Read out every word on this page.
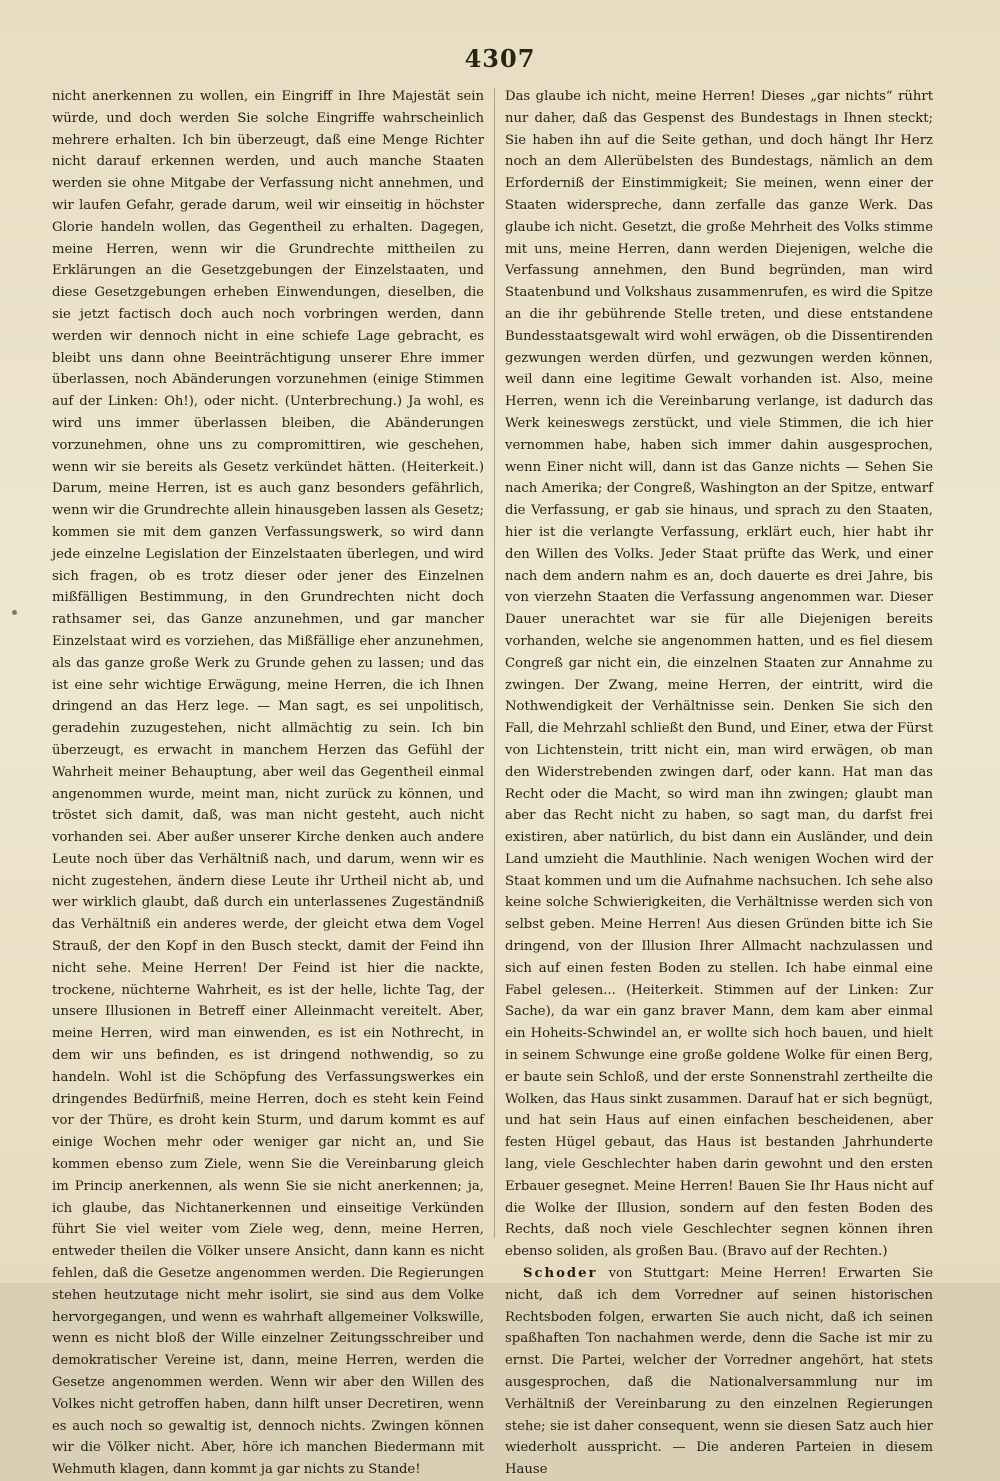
4307

nicht anerkennen zu wollen, ein Eingriff in Ihre Majestät sein würde, und doch werden Sie solche Eingriffe wahrscheinlich mehrere erhalten. Ich bin überzeugt, daß eine Menge Richter nicht darauf erkennen werden, und auch manche Staaten werden sie ohne Mitgabe der Verfassung nicht annehmen, und wir laufen Gefahr, gerade darum, weil wir einseitig in höchster Glorie handeln wollen, das Gegentheil zu erhalten. Dagegen, meine Herren, wenn wir die Grundrechte mittheilen zu Erklärungen an die Gesetzgebungen der Einzelstaaten, und diese Gesetzgebungen erheben Einwendungen, dieselben, die sie jetzt factisch doch auch noch vorbringen werden, dann werden wir dennoch nicht in eine schiefe Lage gebracht, es bleibt uns dann ohne Beeinträchtigung unserer Ehre immer überlassen, noch Abänderungen vorzunehmen (einige Stimmen auf der Linken: Oh!), oder nicht. (Unterbrechung.) Ja wohl, es wird uns immer überlassen bleiben, die Abänderungen vorzunehmen, ohne uns zu compromittiren, wie geschehen, wenn wir sie bereits als Gesetz verkündet hätten. (Heiterkeit.) Darum, meine Herren, ist es auch ganz besonders gefährlich, wenn wir die Grundrechte allein hinausgeben lassen als Gesetz; kommen sie mit dem ganzen Verfassungswerk, so wird dann jede einzelne Legislation der Einzelstaaten überlegen, und wird sich fragen, ob es trotz dieser oder jener des Einzelnen mißfälligen Bestimmung, in den Grundrechten nicht doch rathsamer sei, das Ganze anzunehmen, und gar mancher Einzelstaat wird es vorziehen, das Mißfällige eher anzunehmen, als das ganze große Werk zu Grunde gehen zu lassen; und das ist eine sehr wichtige Erwägung, meine Herren, die ich Ihnen dringend an das Herz lege. — Man sagt, es sei unpolitisch, geradehin zuzugestehen, nicht allmächtig zu sein. Ich bin überzeugt, es erwacht in manchem Herzen das Gefühl der Wahrheit meiner Behauptung, aber weil das Gegentheil einmal angenommen wurde, meint man, nicht zurück zu können, und tröstet sich damit, daß, was man nicht gesteht, auch nicht vorhanden sei. Aber außer unserer Kirche denken auch andere Leute noch über das Verhältniß nach, und darum, wenn wir es nicht zugestehen, ändern diese Leute ihr Urtheil nicht ab, und wer wirklich glaubt, daß durch ein unterlassenes Zugeständniß das Verhältniß ein anderes werde, der gleicht etwa dem Vogel Strauß, der den Kopf in den Busch steckt, damit der Feind ihn nicht sehe. Meine Herren! Der Feind ist hier die nackte, trockene, nüchterne Wahrheit, es ist der helle, lichte Tag, der unsere Illusionen in Betreff einer Alleinmacht vereitelt. Aber, meine Herren, wird man einwenden, es ist ein Nothrecht, in dem wir uns befinden, es ist dringend nothwendig, so zu handeln. Wohl ist die Schöpfung des Verfassungswerkes ein dringendes Bedürfniß, meine Herren, doch es steht kein Feind vor der Thüre, es droht kein Sturm, und darum kommt es auf einige Wochen mehr oder weniger gar nicht an, und Sie kommen ebenso zum Ziele, wenn Sie die Vereinbarung gleich im Princip anerkennen, als wenn Sie sie nicht anerkennen; ja, ich glaube, das Nichtanerkennen und einseitige Verkünden führt Sie viel weiter vom Ziele weg, denn, meine Herren, entweder theilen die Völker unsere Ansicht, dann kann es nicht fehlen, daß die Gesetze angenommen werden. Die Regierungen stehen heutzutage nicht mehr isolirt, sie sind aus dem Volke hervorgegangen, und wenn es wahrhaft allgemeiner Volkswille, wenn es nicht bloß der Wille einzelner Zeitungsschreiber und demokratischer Vereine ist, dann, meine Herren, werden die Gesetze angenommen werden. Wenn wir aber den Willen des Volkes nicht getroffen haben, dann hilft unser Decretiren, wenn es auch noch so gewaltig ist, dennoch nichts. Zwingen können wir die Völker nicht. Aber, höre ich manchen Biedermann mit Wehmuth klagen, dann kommt ja gar nichts zu Stande!

Das glaube ich nicht, meine Herren! Dieses „gar nichts“ rührt nur daher, daß das Gespenst des Bundestags in Ihnen steckt; Sie haben ihn auf die Seite gethan, und doch hängt Ihr Herz noch an dem Allerübelsten des Bundestags, nämlich an dem Erforderniß der Einstimmigkeit; Sie meinen, wenn einer der Staaten widerspreche, dann zerfalle das ganze Werk. Das glaube ich nicht. Gesetzt, die große Mehrheit des Volks stimme mit uns, meine Herren, dann werden Diejenigen, welche die Verfassung annehmen, den Bund begründen, man wird Staatenbund und Volkshaus zusammenrufen, es wird die Spitze an die ihr gebührende Stelle treten, und diese entstandene Bundesstaatsgewalt wird wohl erwägen, ob die Dissentirenden gezwungen werden dürfen, und gezwungen werden können, weil dann eine legitime Gewalt vorhanden ist. Also, meine Herren, wenn ich die Vereinbarung verlange, ist dadurch das Werk keineswegs zerstückt, und viele Stimmen, die ich hier vernommen habe, haben sich immer dahin ausgesprochen, wenn Einer nicht will, dann ist das Ganze nichts — Sehen Sie nach Amerika; der Congreß, Washington an der Spitze, entwarf die Verfassung, er gab sie hinaus, und sprach zu den Staaten, hier ist die verlangte Verfassung, erklärt euch, hier habt ihr den Willen des Volks. Jeder Staat prüfte das Werk, und einer nach dem andern nahm es an, doch dauerte es drei Jahre, bis von vierzehn Staaten die Verfassung angenommen war. Dieser Dauer unerachtet war sie für alle Diejenigen bereits vorhanden, welche sie angenommen hatten, und es fiel diesem Congreß gar nicht ein, die einzelnen Staaten zur Annahme zu zwingen. Der Zwang, meine Herren, der eintritt, wird die Nothwendigkeit der Verhältnisse sein. Denken Sie sich den Fall, die Mehrzahl schließt den Bund, und Einer, etwa der Fürst von Lichtenstein, tritt nicht ein, man wird erwägen, ob man den Widerstrebenden zwingen darf, oder kann. Hat man das Recht oder die Macht, so wird man ihn zwingen; glaubt man aber das Recht nicht zu haben, so sagt man, du darfst frei existiren, aber natürlich, du bist dann ein Ausländer, und dein Land umzieht die Mauthlinie. Nach wenigen Wochen wird der Staat kommen und um die Aufnahme nachsuchen. Ich sehe also keine solche Schwierigkeiten, die Verhältnisse werden sich von selbst geben. Meine Herren! Aus diesen Gründen bitte ich Sie dringend, von der Illusion Ihrer Allmacht nachzulassen und sich auf einen festen Boden zu stellen. Ich habe einmal eine Fabel gelesen... (Heiterkeit. Stimmen auf der Linken: Zur Sache), da war ein ganz braver Mann, dem kam aber einmal ein Hoheits-Schwindel an, er wollte sich hoch bauen, und hielt in seinem Schwunge eine große goldene Wolke für einen Berg, er baute sein Schloß, und der erste Sonnenstrahl zertheilte die Wolken, das Haus sinkt zusammen. Darauf hat er sich begnügt, und hat sein Haus auf einen einfachen bescheidenen, aber festen Hügel gebaut, das Haus ist bestanden Jahrhunderte lang, viele Geschlechter haben darin gewohnt und den ersten Erbauer gesegnet. Meine Herren! Bauen Sie Ihr Haus nicht auf die Wolke der Illusion, sondern auf den festen Boden des Rechts, daß noch viele Geschlechter segnen können ihren ebenso soliden, als großen Bau. (Bravo auf der Rechten.)

Schoder von Stuttgart: Meine Herren! Erwarten Sie nicht, daß ich dem Vorredner auf seinen historischen Rechtsboden folgen, erwarten Sie auch nicht, daß ich seinen spaßhaften Ton nachahmen werde, denn die Sache ist mir zu ernst. Die Partei, welcher der Vorredner angehört, hat stets ausgesprochen, daß die Nationalversammlung nur im Verhältniß der Vereinbarung zu den einzelnen Regierungen stehe; sie ist daher consequent, wenn sie diesen Satz auch hier wiederholt ausspricht. — Die anderen Parteien in diesem Hause
